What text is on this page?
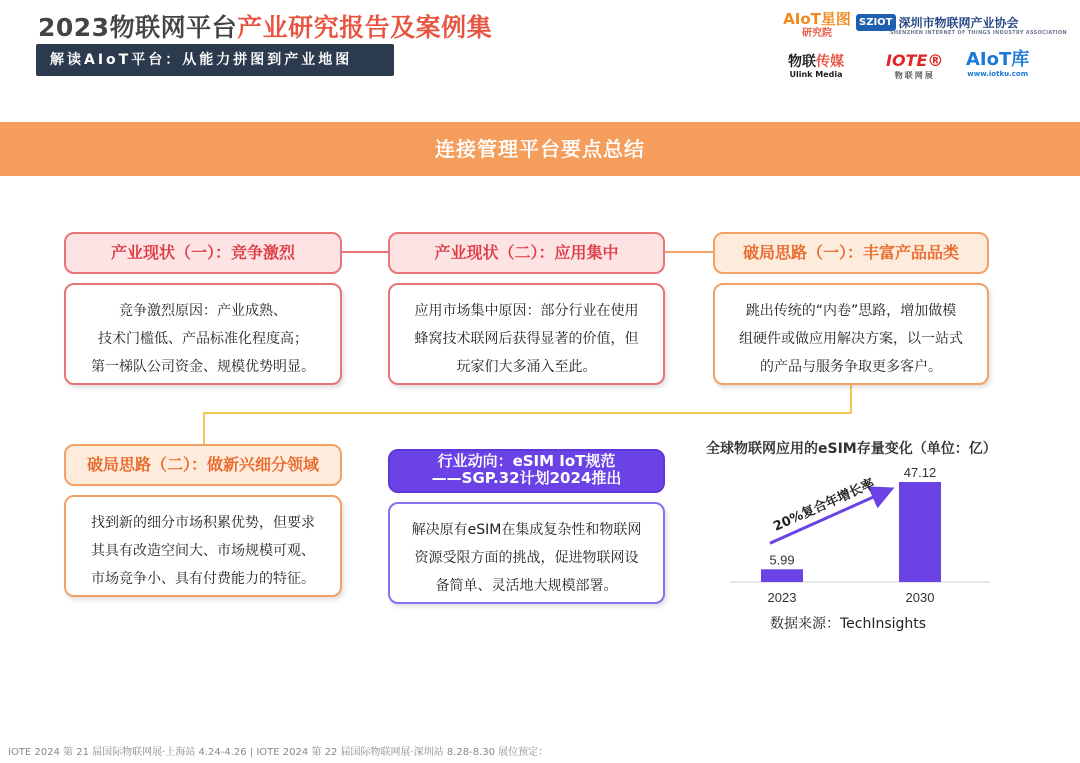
2023物联网平台产业研究报告及案例集
解读AIoT平台：从能力拼图到产业地图
AIoT星图
研究院
SZIOT 深圳市物联网产业协会
SHENZHEN INTERNET OF THINGS INDUSTRY ASSOCIATION
物联传媒
Ulink Media
IOTE®
物联网展
AIoT库
www.iotku.com
连接管理平台要点总结
产业现状（一）：竞争激烈
竞争激烈原因：产业成熟、
技术门槛低、产品标准化程度高；
第一梯队公司资金、规模优势明显。
产业现状（二）：应用集中
应用市场集中原因：部分行业在使用
蜂窝技术联网后获得显著的价值，但
玩家们大多涌入至此。
破局思路（一）：丰富产品品类
跳出传统的“内卷”思路，增加做模
组硬件或做应用解决方案，以一站式
的产品与服务争取更多客户。
破局思路（二）：做新兴细分领域
找到新的细分市场积累优势，但要求
其具有改造空间大、市场规模可观、
市场竞争小、具有付费能力的特征。
行业动向：eSIM IoT规范
——SGP.32计划2024推出
解决原有eSIM在集成复杂性和物联网
资源受限方面的挑战，促进物联网设
备简单、灵活地大规模部署。
全球物联网应用的eSIM存量变化（单位：亿）
5.99
2023
47.12
2030
20%复合年增长率
数据来源：TechInsights
IOTE 2024 第 21 届国际物联网展·上海站 4.24-4.26 | IOTE 2024 第 22 届国际物联网展·深圳站 8.28-8.30 展位预定：
